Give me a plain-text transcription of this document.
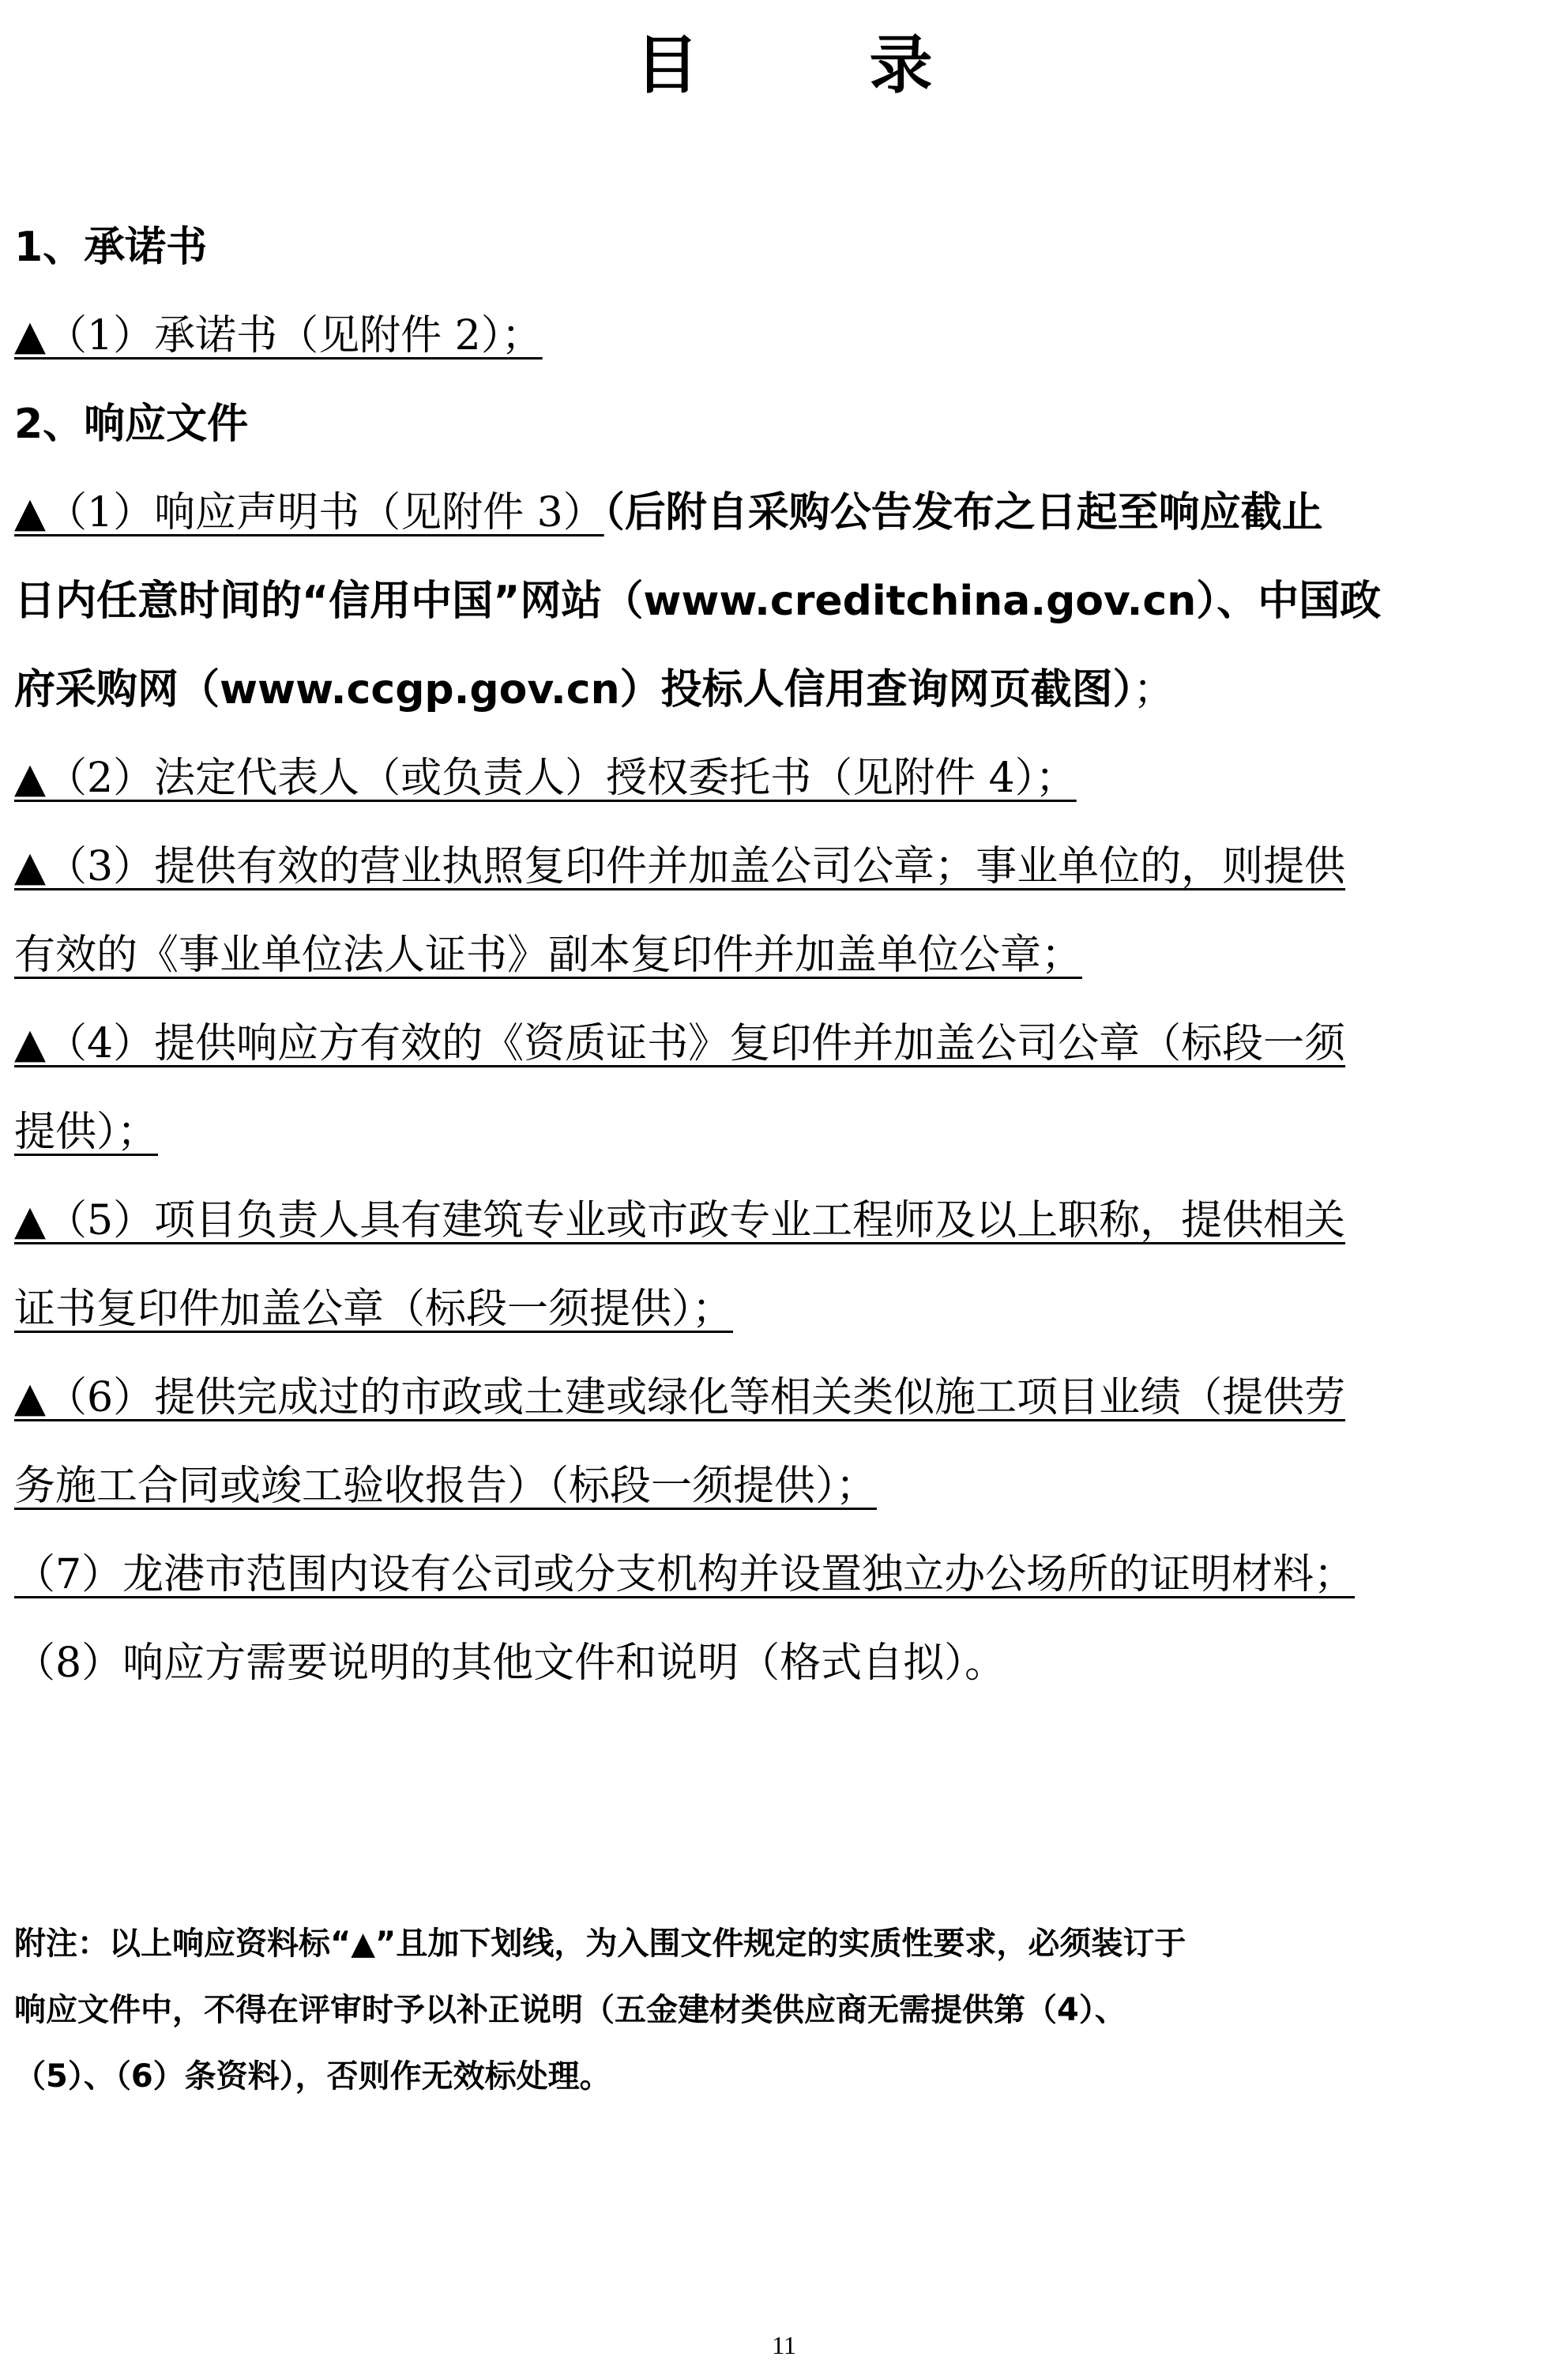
目　录
1、承诺书
▲（1）承诺书（见附件 2）；
2、响应文件
▲（1）响应声明书（见附件 3）（后附自采购公告发布之日起至响应截止
日内任意时间的“信用中国”网站（www.creditchina.gov.cn）、中国政
府采购网（www.ccgp.gov.cn）投标人信用查询网页截图）；
▲（2）法定代表人（或负责人）授权委托书（见附件 4）；
▲（3）提供有效的营业执照复印件并加盖公司公章；事业单位的，则提供
有效的《事业单位法人证书》副本复印件并加盖单位公章；
▲（4）提供响应方有效的《资质证书》复印件并加盖公司公章（标段一须
提供）；
▲（5）项目负责人具有建筑专业或市政专业工程师及以上职称，提供相关
证书复印件加盖公章（标段一须提供）；
▲（6）提供完成过的市政或土建或绿化等相关类似施工项目业绩（提供劳
务施工合同或竣工验收报告）（标段一须提供）；
（7）龙港市范围内设有公司或分支机构并设置独立办公场所的证明材料；
（8）响应方需要说明的其他文件和说明（格式自拟）。
附注：以上响应资料标“▲”且加下划线，为入围文件规定的实质性要求，必须装订于
响应文件中，不得在评审时予以补正说明（五金建材类供应商无需提供第（4）、
（5）、（6）条资料），否则作无效标处理。
11
